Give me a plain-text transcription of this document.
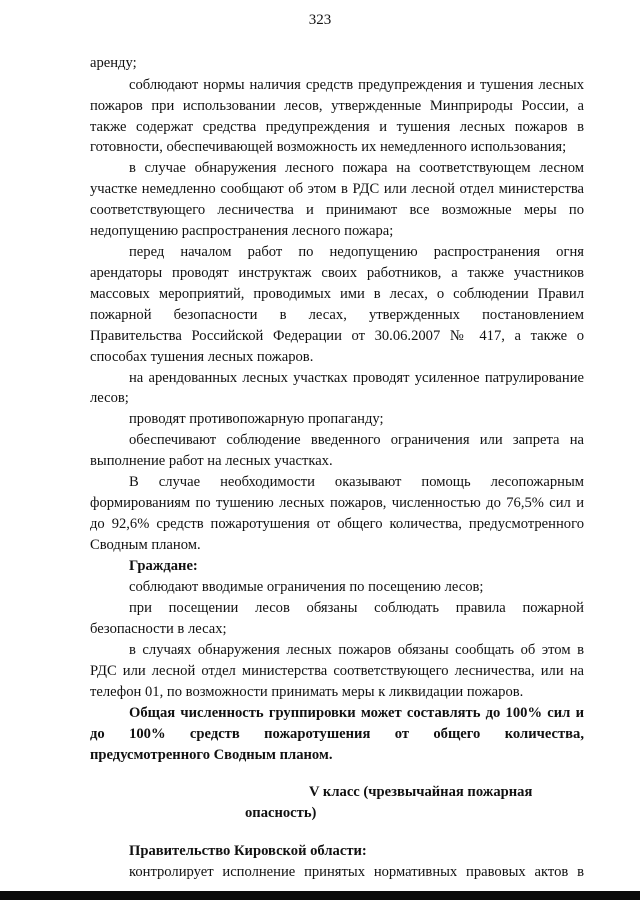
323
аренду;
соблюдают нормы наличия средств предупреждения и тушения лесных
пожаров при использовании лесов, утвержденные Минприроды России, а
также содержат средства предупреждения и тушения лесных пожаров в
готовности, обеспечивающей возможность их немедленного использования;
в случае обнаружения лесного пожара на соответствующем лесном
участке немедленно сообщают об этом в РДС или лесной отдел министерства
соответствующего лесничества и принимают все возможные меры по
недопущению распространения лесного пожара;
перед началом работ по недопущению распространения огня
арендаторы проводят инструктаж своих работников, а также участников
массовых мероприятий, проводимых ими в лесах, о соблюдении Правил
пожарной безопасности в лесах, утвержденных постановлением
Правительства Российской Федерации от 30.06.2007 № 417, а также о
способах тушения лесных пожаров.
на арендованных лесных участках проводят усиленное патрулирование
лесов;
проводят противопожарную пропаганду;
обеспечивают соблюдение введенного ограничения или запрета на
выполнение работ на лесных участках.
В случае необходимости оказывают помощь лесопожарным
формированиям по тушению лесных пожаров, численностью до 76,5% сил и
до 92,6% средств пожаротушения от общего количества, предусмотренного
Сводным планом.
Граждане:
соблюдают вводимые ограничения по посещению лесов;
при посещении лесов обязаны соблюдать правила пожарной
безопасности в лесах;
в случаях обнаружения лесных пожаров обязаны сообщать об этом в
РДС или лесной отдел министерства соответствующего лесничества, или на
телефон 01, по возможности принимать меры к ликвидации пожаров.
Общая численность группировки может составлять до 100% сил и
до 100% средств пожаротушения от общего количества,
предусмотренного Сводным планом.
V класс (чрезвычайная пожарная
опасность)
Правительство Кировской области:
контролирует исполнение принятых нормативных правовых актов в
